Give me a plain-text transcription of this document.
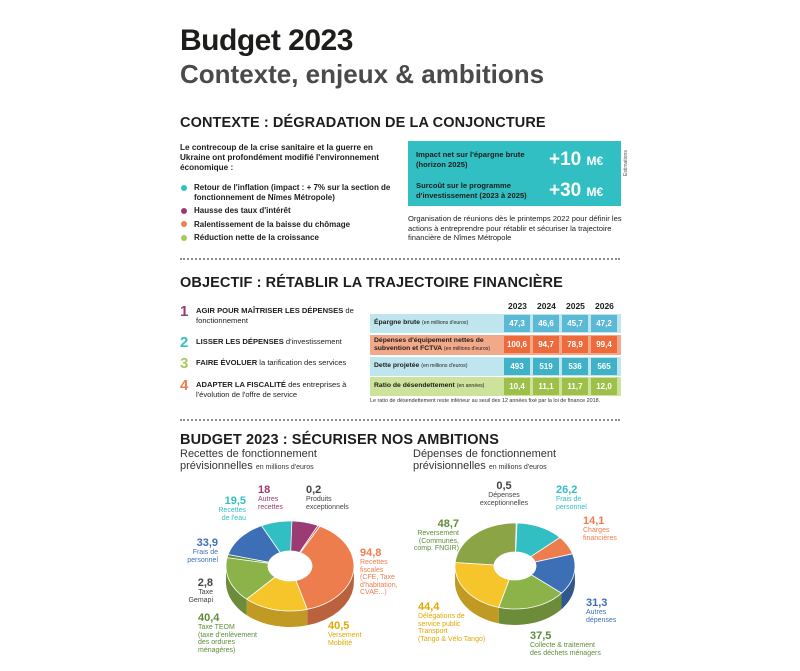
Budget 2023
Contexte, enjeux & ambitions
CONTEXTE : DÉGRADATION DE LA CONJONCTURE
Le contrecoup de la crise sanitaire et la guerre en Ukraine ont profondément modifié l'environnement économique :
Retour de l'inflation (impact : + 7% sur la section de fonctionnement de Nîmes Métropole)
Hausse des taux d'intérêt
Ralentissement de la baisse du chômage
Réduction nette de la croissance
Impact net sur l'épargne brute (horizon 2025)	+10 M€
Surcoût sur le programme d'investissement (2023 à 2025)	+30 M€
Estimations
Organisation de réunions dès le printemps 2022 pour définir les actions à entreprendre pour rétablir et sécuriser la trajectoire financière de Nîmes Métropole
OBJECTIF : RÉTABLIR LA TRAJECTOIRE FINANCIÈRE
1 AGIR POUR MAÎTRISER LES DÉPENSES de fonctionnement
2 LISSER LES DÉPENSES d'investissement
3 FAIRE ÉVOLUER la tarification des services
4 ADAPTER LA FISCALITÉ des entreprises à l'évolution de l'offre de service
2023 2024 2025 2026
Épargne brute (en millions d'euros)	47,3	46,6	45,7	47,2
Dépenses d'équipement nettes de subvention et FCTVA (en millions d'euros)	100,6	94,7	78,9	99,4
Dette projetée (en millions d'euros)	493	519	536	565
Ratio de désendettement (en années)	10,4	11,1	11,7	12,0
Le ratio de désendettement reste inférieur au seuil des 12 années fixé par la loi de finance 2018.
BUDGET 2023 : SÉCURISER NOS AMBITIONS
Recettes de fonctionnement
prévisionnelles en millions d'euros
Dépenses de fonctionnement
prévisionnelles en millions d'euros
19,5
Recettes
de l'eau
18
Autres
recettes
0,2
Produits
exceptionnels
33,9
Frais de
personnel
2,8
Taxe
Gemapi
94,8
Recettes
fiscales
(CFE, Taxe
d'habitation,
CVAE...)
40,4
Taxe TEOM
(taxe d'enlèvement
des ordures ménagères)
40,5
Versement
Mobilité
0,5
Dépenses
exceptionnelles
26,2
Frais de
personnel
14,1
Charges
financières
48,7
Reversement
(Communes,
comp. FNGIR)
31,3
Autres
dépenses
44,4
Délégations de
service public
Transport
(Tango & Vélo Tango)	37,5
Collecte & traitement
des déchets ménagers
